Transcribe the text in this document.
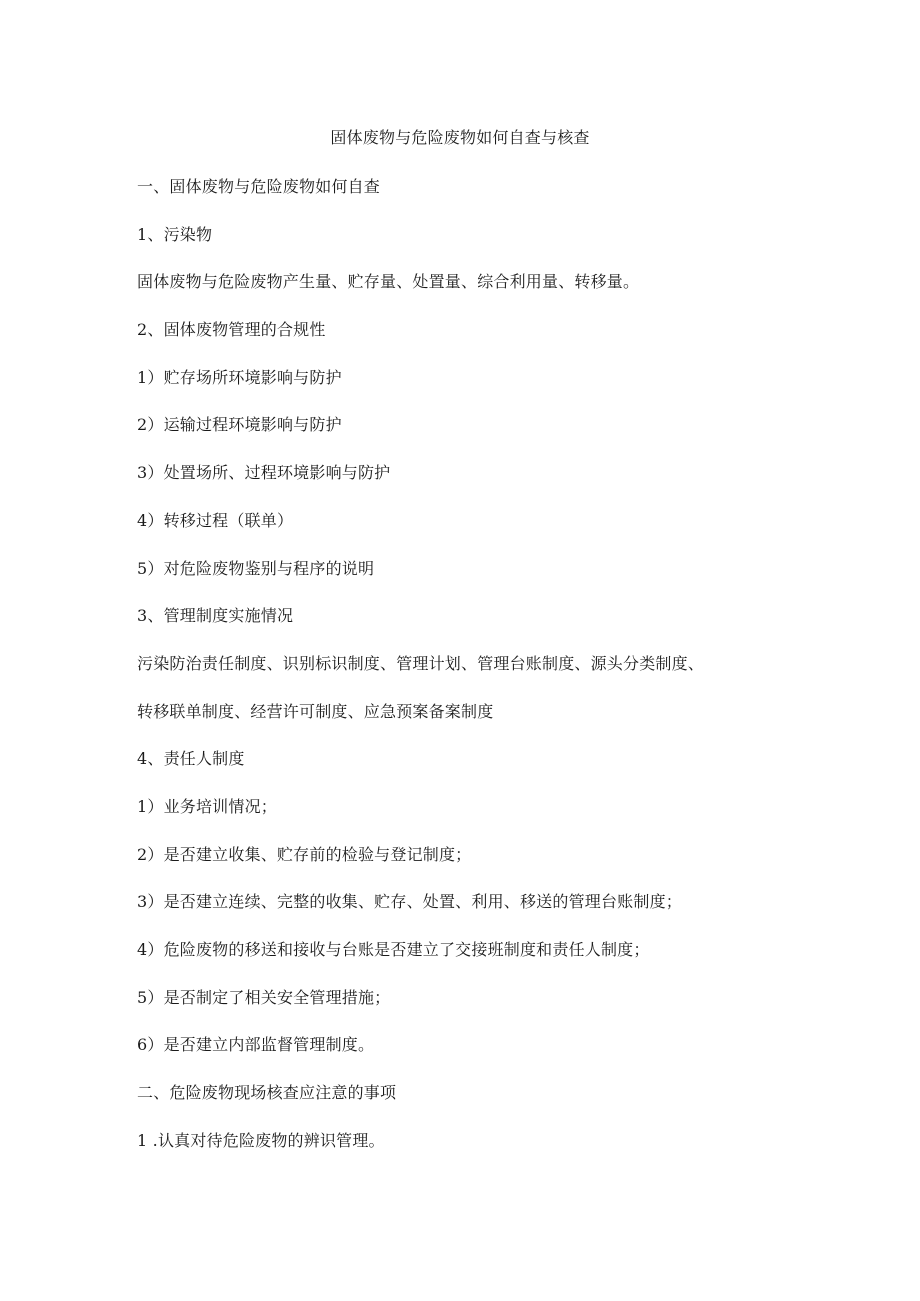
固体废物与危险废物如何自查与核查
一、固体废物与危险废物如何自查
1、污染物
固体废物与危险废物产生量、贮存量、处置量、综合利用量、转移量。
2、固体废物管理的合规性
1）贮存场所环境影响与防护
2）运输过程环境影响与防护
3）处置场所、过程环境影响与防护
4）转移过程（联单）
5）对危险废物鉴别与程序的说明
3、管理制度实施情况
污染防治责任制度、识别标识制度、管理计划、管理台账制度、源头分类制度、
转移联单制度、经营许可制度、应急预案备案制度
4、责任人制度
1）业务培训情况；
2）是否建立收集、贮存前的检验与登记制度；
3）是否建立连续、完整的收集、贮存、处置、利用、移送的管理台账制度；
4）危险废物的移送和接收与台账是否建立了交接班制度和责任人制度；
5）是否制定了相关安全管理措施；
6）是否建立内部监督管理制度。
二、危险废物现场核查应注意的事项
1 .认真对待危险废物的辨识管理。
